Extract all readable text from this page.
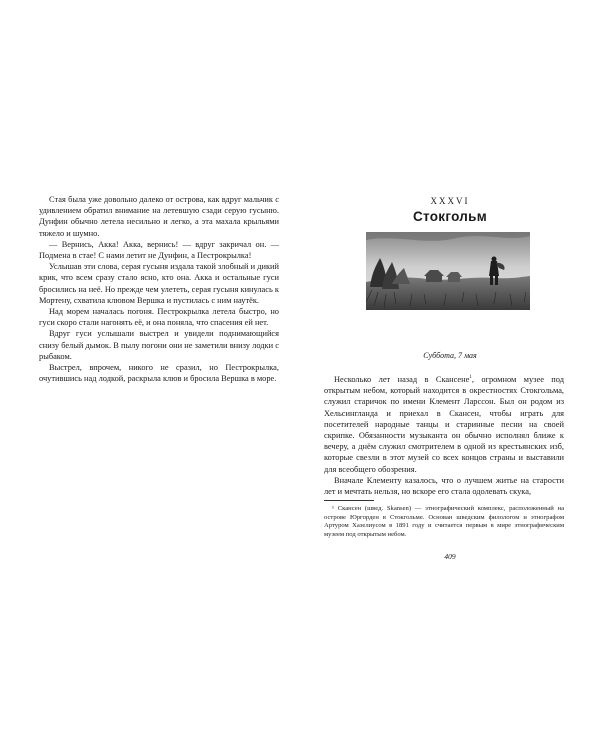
Стая была уже довольно далеко от острова, как вдруг мальчик с удивлением обратил внимание на летевшую сзади серую гусыню. Дунфин обычно летела несильно и легко, а эта махала крыльями тяжело и шумно.

— Вернись, Акка! Акка, вернись! — вдруг закричал он. — Подмена в стае! С нами летит не Дунфин, а Пестрокрылка!

Услышав эти слова, серая гусыня издала такой злобный и дикий крик, что всем сразу стало ясно, кто она. Акка и остальные гуси бросились на неё. Но прежде чем улететь, серая гусыня кинулась к Мортену, схватила клювом Вершка и пустилась с ним наутёк.

Над морем началась погоня. Пестрокрылка летела быстро, но гуси скоро стали нагонять её, и она поняла, что спасения ей нет.

Вдруг гуси услышали выстрел и увидели поднимающийся снизу белый дымок. В пылу погони они не заметили внизу лодки с рыбаком.

Выстрел, впрочем, никого не сразил, но Пестрокрылка, очутившись над лодкой, раскрыла клюв и бросила Вершка в море.

XXXVI
Стокгольм
Суббота, 7 мая

Несколько лет назад в Скансене$^1$, огромном музее под открытым небом, который находится в окрестностях Стокгольма, служил старичок по имени Клемент Ларссон. Был он родом из Хельсингланда и приехал в Скансен, чтобы играть для посетителей народные танцы и старинные песни на своей скрипке. Обязанности музыканта он обычно исполнял ближе к вечеру, а днём служил смотрителем в одной из крестьянских изб, которые свезли в этот музей со всех концов страны и выставили для всеобщего обозрения.

Вначале Клементу казалось, что о лучшем житье на старости лет и мечтать нельзя, но вскоре его стала одолевать скука,

¹ Скансен (швед. Skansen) — этнографический комплекс, расположенный на острове Юргорден в Стокгольме. Основан шведским филологом и этнографом Артуром Хазелиусом в 1891 году и считается первым в мире этнографическим музеем под открытым небом.

409
